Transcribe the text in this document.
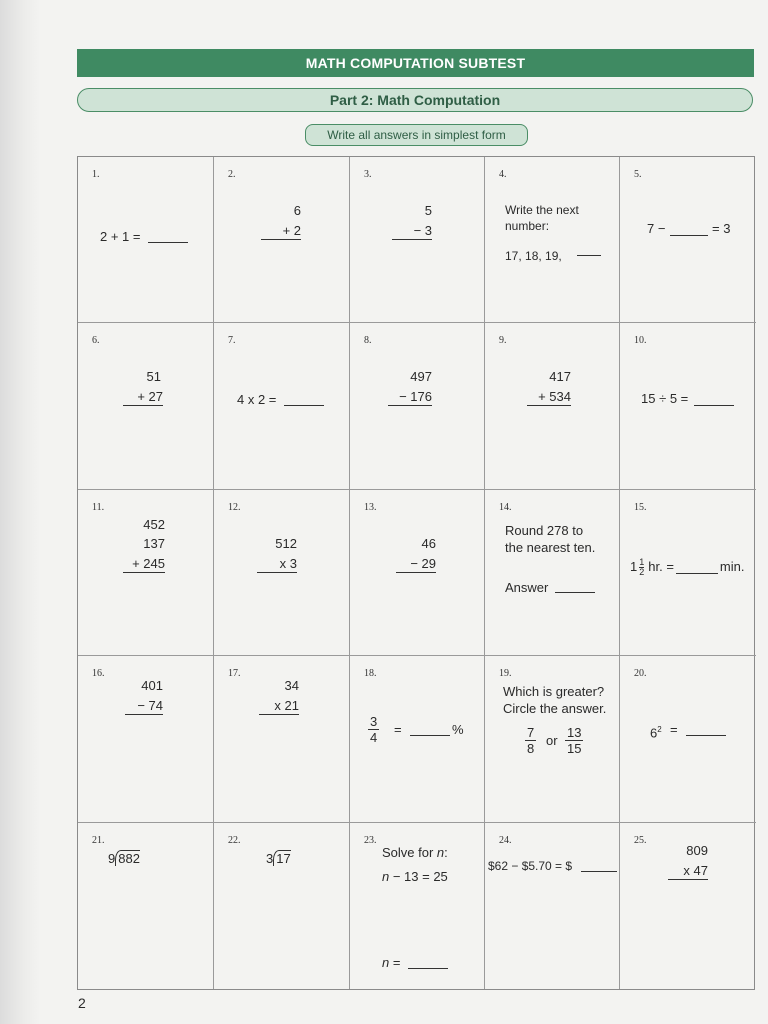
MATH COMPUTATION SUBTEST
Part 2: Math Computation
Write all answers in simplest form
1.
2 + 1 =
2.
6
+ 2
3.
5
− 3
4.
Write the next
number:
17, 18, 19,
5.
7 −	= 3
6.
51
+ 27
7.
4 x 2 =
8.
497
− 176
9.
417
+ 534
10.
15 ÷ 5 =
11.
452
137
+ 245
12.
512
x 3
13.
46
− 29
14.
Round 278 to
the nearest ten.
Answer
15.
$1 \frac{1}{2}$ hr. =	min.
16.
401
− 74
17.
34
x 21
18.
$\frac{3}{4}$ =	%
19.
Which is greater?
Circle the answer.
$\frac{7}{8}$ or $\frac{13}{15}$
20.
$6^2$ =
21.
9 882
22.
3 17
23.
Solve for n:
n − 13 = 25
n =
24.
$62 − $5.70 = $
25.
809
x 47
2
